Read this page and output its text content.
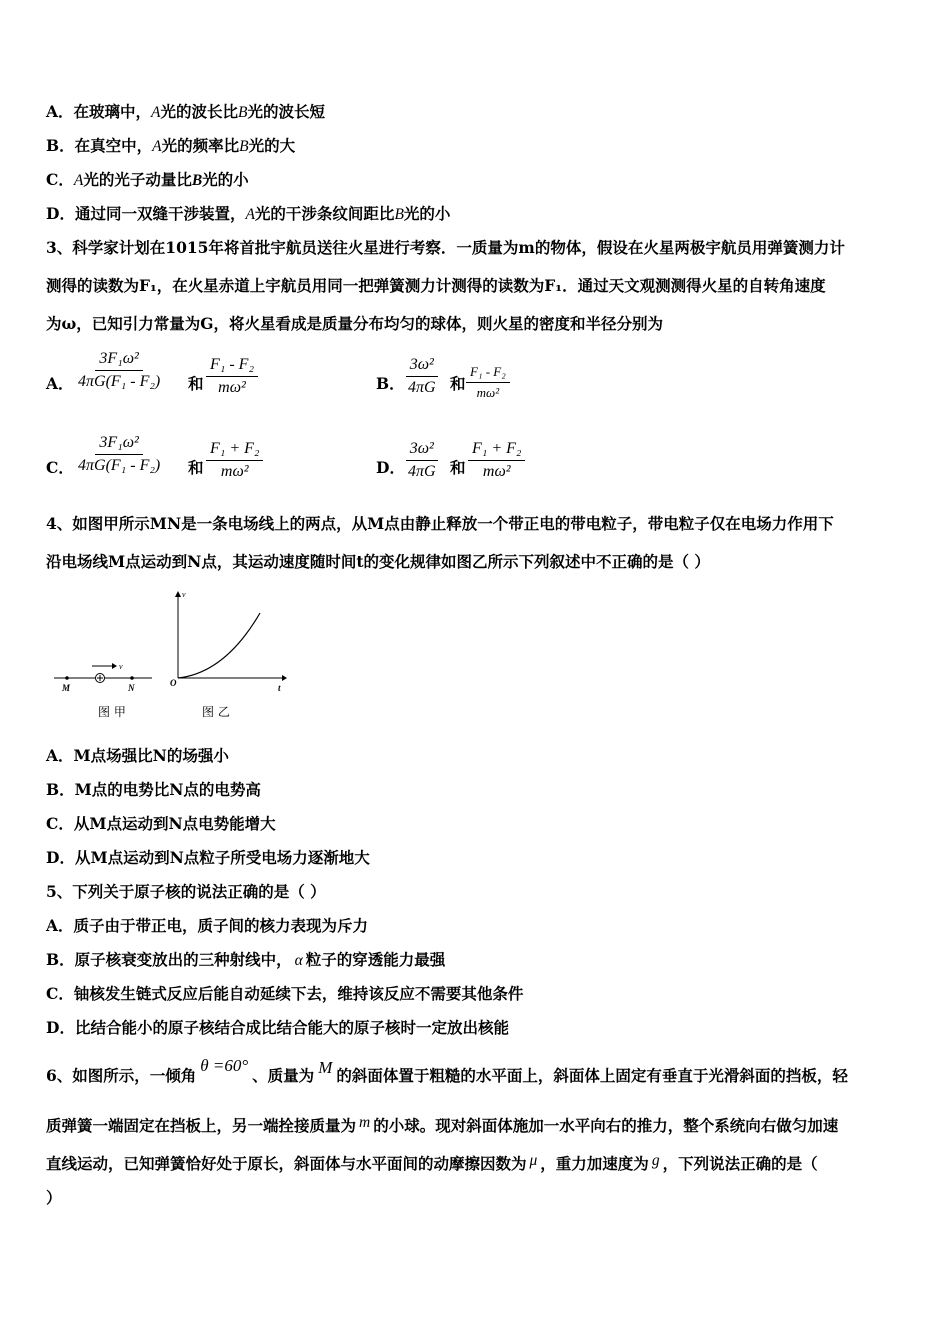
A．在玻璃中，A光的波长比B光的波长短
B．在真空中，A光的频率比B光的大
C．A光的光子动量比B光的小
D．通过同一双缝干涉装置，A光的干涉条纹间距比B光的小
3、科学家计划在1015年将首批宇航员送往火星进行考察．一质量为m的物体，假设在火星两极宇航员用弹簧测力计
测得的读数为F₁，在火星赤道上宇航员用同一把弹簧测力计测得的读数为F₁．通过天文观测测得火星的自转角速度
为ω，已知引力常量为G，将火星看成是质量分布均匀的球体，则火星的密度和半径分别为
A． $\frac{\text{3F₁ω²}}{\text{4πG(F₁ - F₂)}}$ 和 $\frac{\text{F₁ - F₂}}{\text{mω²}}$	B． $\frac{\text{3ω²}}{4\pi G}$ 和 $\frac{\text{F₁ - F₂}}{\text{mω²}}$
C． $\frac{\text{3F₁ω²}}{\text{4πG(F₁ - F₂)}}$ 和 $\frac{\text{F₁ + F₂}}{\text{mω²}}$	D． $\frac{\text{3ω²}}{4\pi G}$ 和 $\frac{\text{F₁ + F₂}}{\text{mω²}}$
4、如图甲所示MN是一条电场线上的两点，从M点由静止释放一个带正电的带电粒子，带电粒子仅在电场力作用下
沿电场线M点运动到N点，其运动速度随时间t的变化规律如图乙所示下列叙述中不正确的是（ ）
v
M	N
图 甲
v
O	t
图 乙
A．M点场强比N的场强小
B．M点的电势比N点的电势高
C．从M点运动到N点电势能增大
D．从M点运动到N点粒子所受电场力逐渐地大
5、下列关于原子核的说法正确的是（ ）
A．质子由于带正电，质子间的核力表现为斥力
B．原子核衰变放出的三种射线中， α 粒子的穿透能力最强
C．铀核发生链式反应后能自动延续下去，维持该反应不需要其他条件
D．比结合能小的原子核结合成比结合能大的原子核时一定放出核能
6、如图所示，一倾角θ =60°、质量为 M 的斜面体置于粗糙的水平面上，斜面体上固定有垂直于光滑斜面的挡板，轻
质弹簧一端固定在挡板上，另一端拴接质量为 m 的小球。现对斜面体施加一水平向右的推力，整个系统向右做匀加速
直线运动，已知弹簧恰好处于原长，斜面体与水平面间的动摩擦因数为 μ ，重力加速度为 g ，下列说法正确的是（
）
